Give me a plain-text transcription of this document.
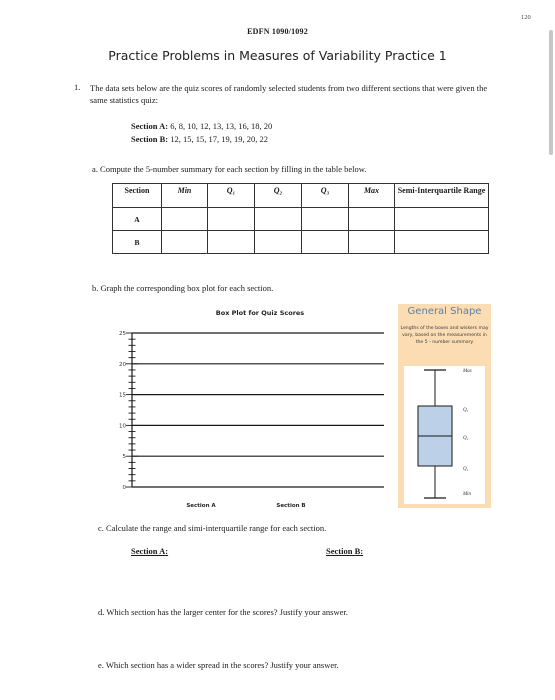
120
EDFN 1090/1092
Practice Problems in Measures of Variability Practice 1
1. The data sets below are the quiz scores of randomly selected students from two different sections that were given the same statistics quiz:
Section A: 6, 8, 10, 12, 13, 13, 16, 18, 20
Section B: 12, 15, 15, 17, 19, 19, 20, 22
a. Compute the 5-number summary for each section by filling in the table below.
Section	Min	Q₁	Q₂	Q₃	Max	Semi-Interquartile Range
A						
B						
b. Graph the corresponding box plot for each section.
Box Plot for Quiz Scores
0
5
10
15
20
25
Section A	Section B
General Shape
Lengths of the boxes and wiskers may vary, based on the measurements in the 5 - number summary
Max
Q₃
Q₂
Q₁
Min
c. Calculate the range and simi-interquartile range for each section.
Section A:	Section B:
d. Which section has the larger center for the scores? Justify your answer.
e. Which section has a wider spread in the scores? Justify your answer.
